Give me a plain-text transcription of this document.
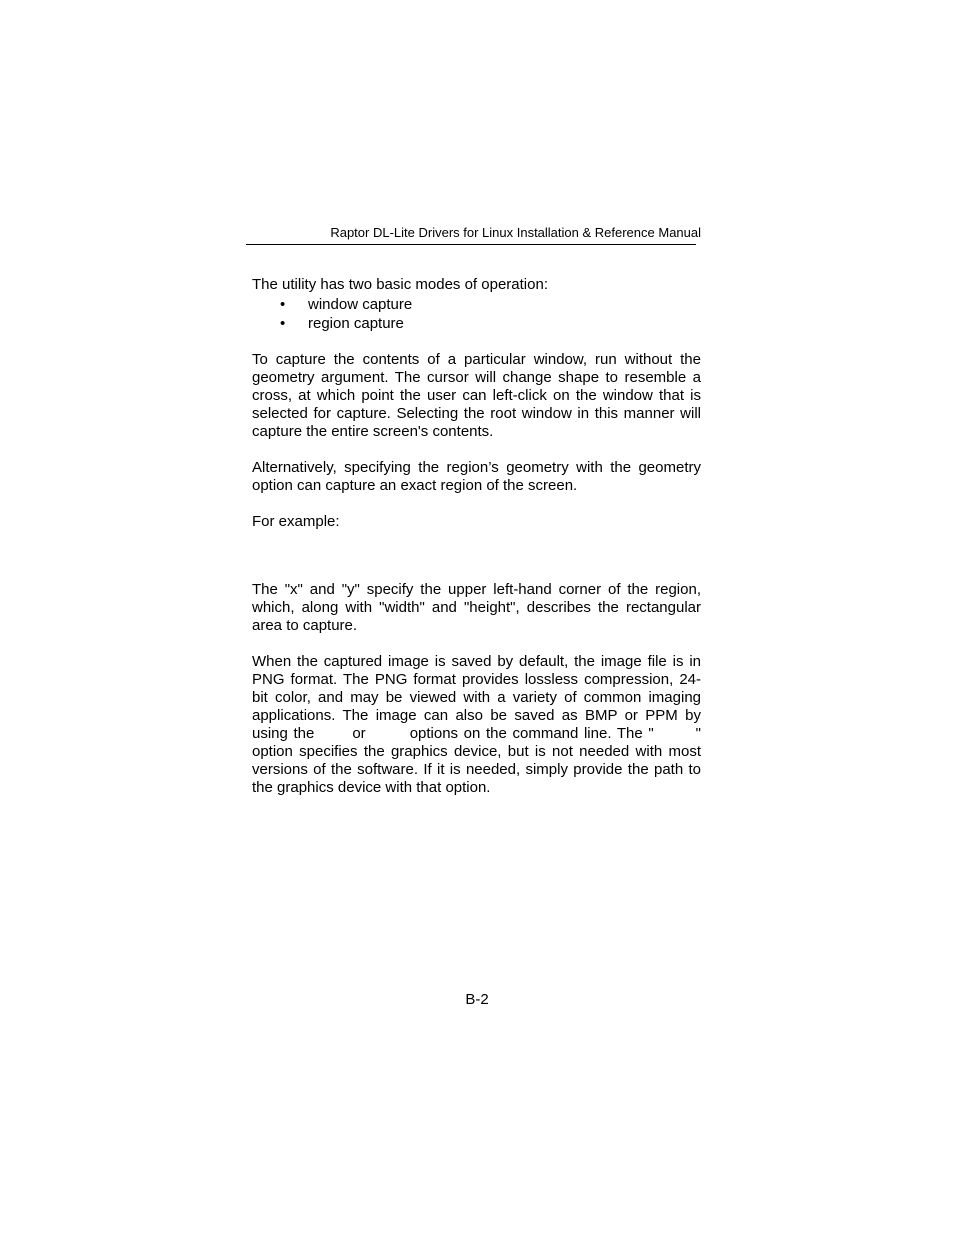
Raptor DL-Lite Drivers for Linux Installation & Reference Manual

The utility has two basic modes of operation:

• window capture
• region capture

To capture the contents of a particular window, run without the geometry argument. The cursor will change shape to resemble a cross, at which point the user can left-click on the window that is selected for capture. Selecting the root window in this manner will capture the entire screen's contents.

Alternatively, specifying the region’s geometry with the geometry option can capture an exact region of the screen.

For example:

The "x" and "y" specify the upper left-hand corner of the region, which, along with "width" and "height", describes the rectangular area to capture.

When the captured image is saved by default, the image file is in PNG format. The PNG format provides lossless compression, 24-bit color, and may be viewed with a variety of common imaging applications. The image can also be saved as BMP or PPM by using the	or	options on the command line. The "	" option specifies the graphics device, but is not needed with most versions of the software. If it is needed, simply provide the path to the graphics device with that option.

B-2
